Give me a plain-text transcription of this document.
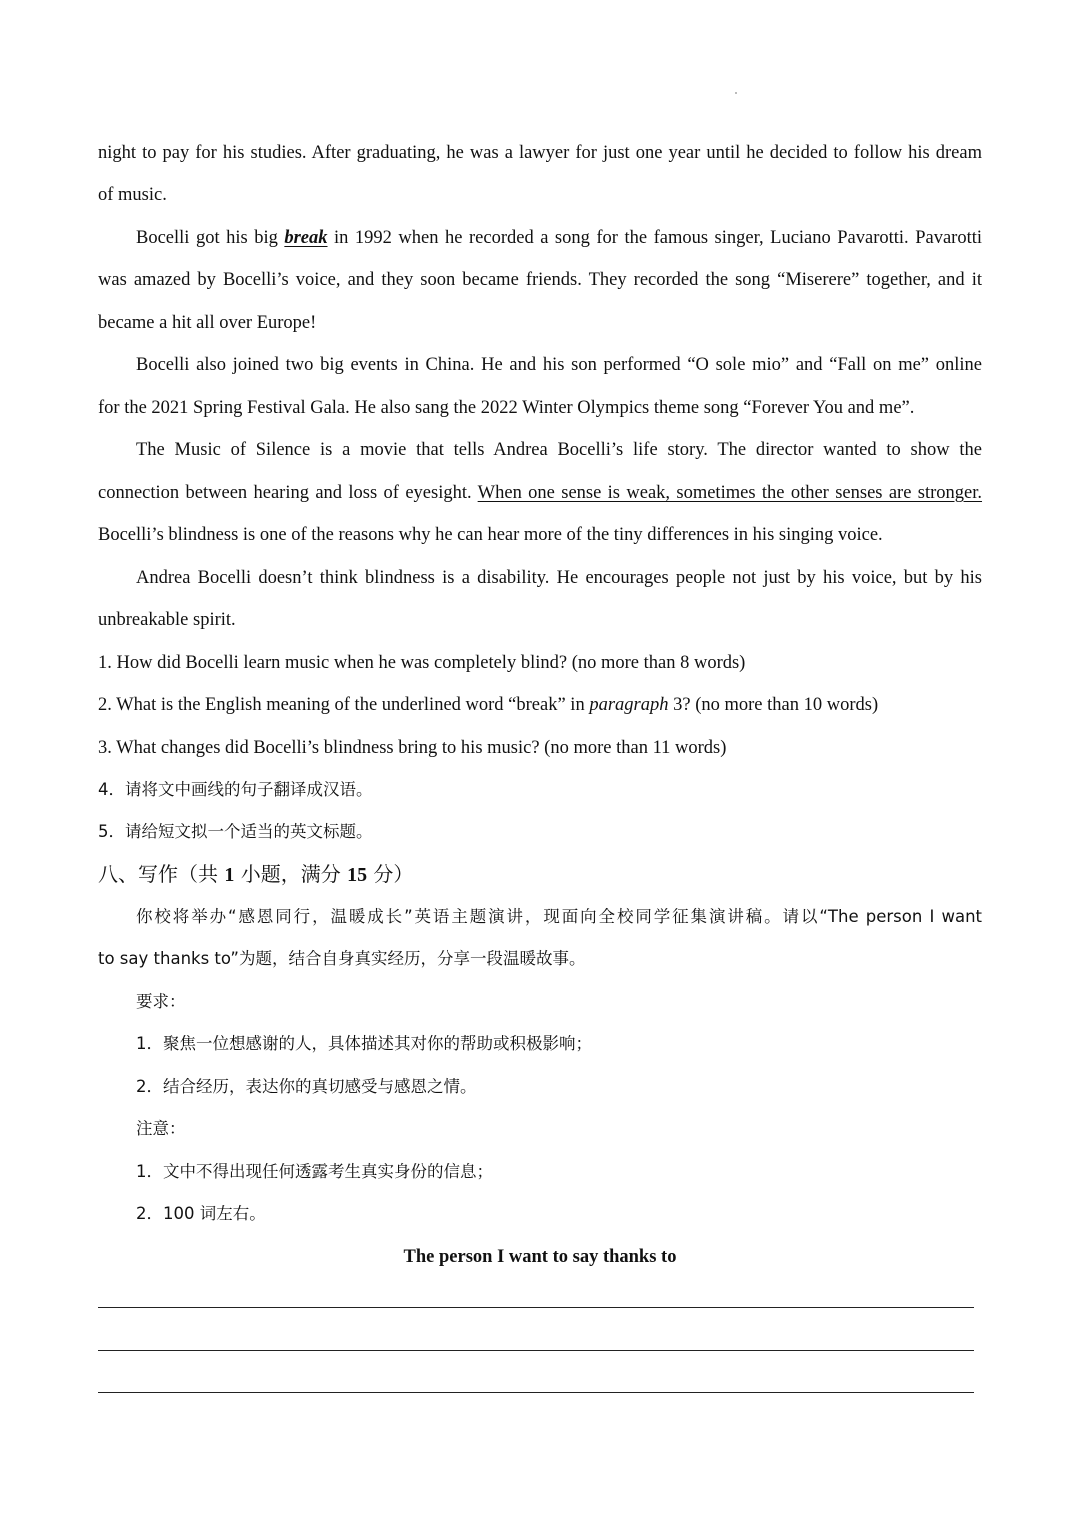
night to pay for his studies. After graduating, he was a lawyer for just one year until he decided to follow his dream
of music.
Bocelli got his big break in 1992 when he recorded a song for the famous singer, Luciano Pavarotti. Pavarotti
was amazed by Bocelli’s voice, and they soon became friends. They recorded the song “Miserere” together, and it
became a hit all over Europe!
Bocelli also joined two big events in China. He and his son performed “O sole mio” and “Fall on me” online
for the 2021 Spring Festival Gala. He also sang the 2022 Winter Olympics theme song “Forever You and me”.
The Music of Silence is a movie that tells Andrea Bocelli’s life story. The director wanted to show the
connection between hearing and loss of eyesight. When one sense is weak, sometimes the other senses are stronger.
Bocelli’s blindness is one of the reasons why he can hear more of the tiny differences in his singing voice.
Andrea Bocelli doesn’t think blindness is a disability. He encourages people not just by his voice, but by his
unbreakable spirit.
1. How did Bocelli learn music when he was completely blind? (no more than 8 words)
2. What is the English meaning of the underlined word “break” in paragraph 3? (no more than 10 words)
3. What changes did Bocelli’s blindness bring to his music? (no more than 11 words)
4．请将文中画线的句子翻译成汉语。
5．请给短文拟一个适当的英文标题。
八、写作（共 1 小题，满分 15 分）
你校将举办“感恩同行，温暖成长”英语主题演讲，现面向全校同学征集演讲稿。请以“The person I want
to say thanks to”为题，结合自身真实经历，分享一段温暖故事。
要求：
1．聚焦一位想感谢的人，具体描述其对你的帮助或积极影响；
2．结合经历，表达你的真切感受与感恩之情。
注意：
1．文中不得出现任何透露考生真实身份的信息；
2．100 词左右。
The person I want to say thanks to
